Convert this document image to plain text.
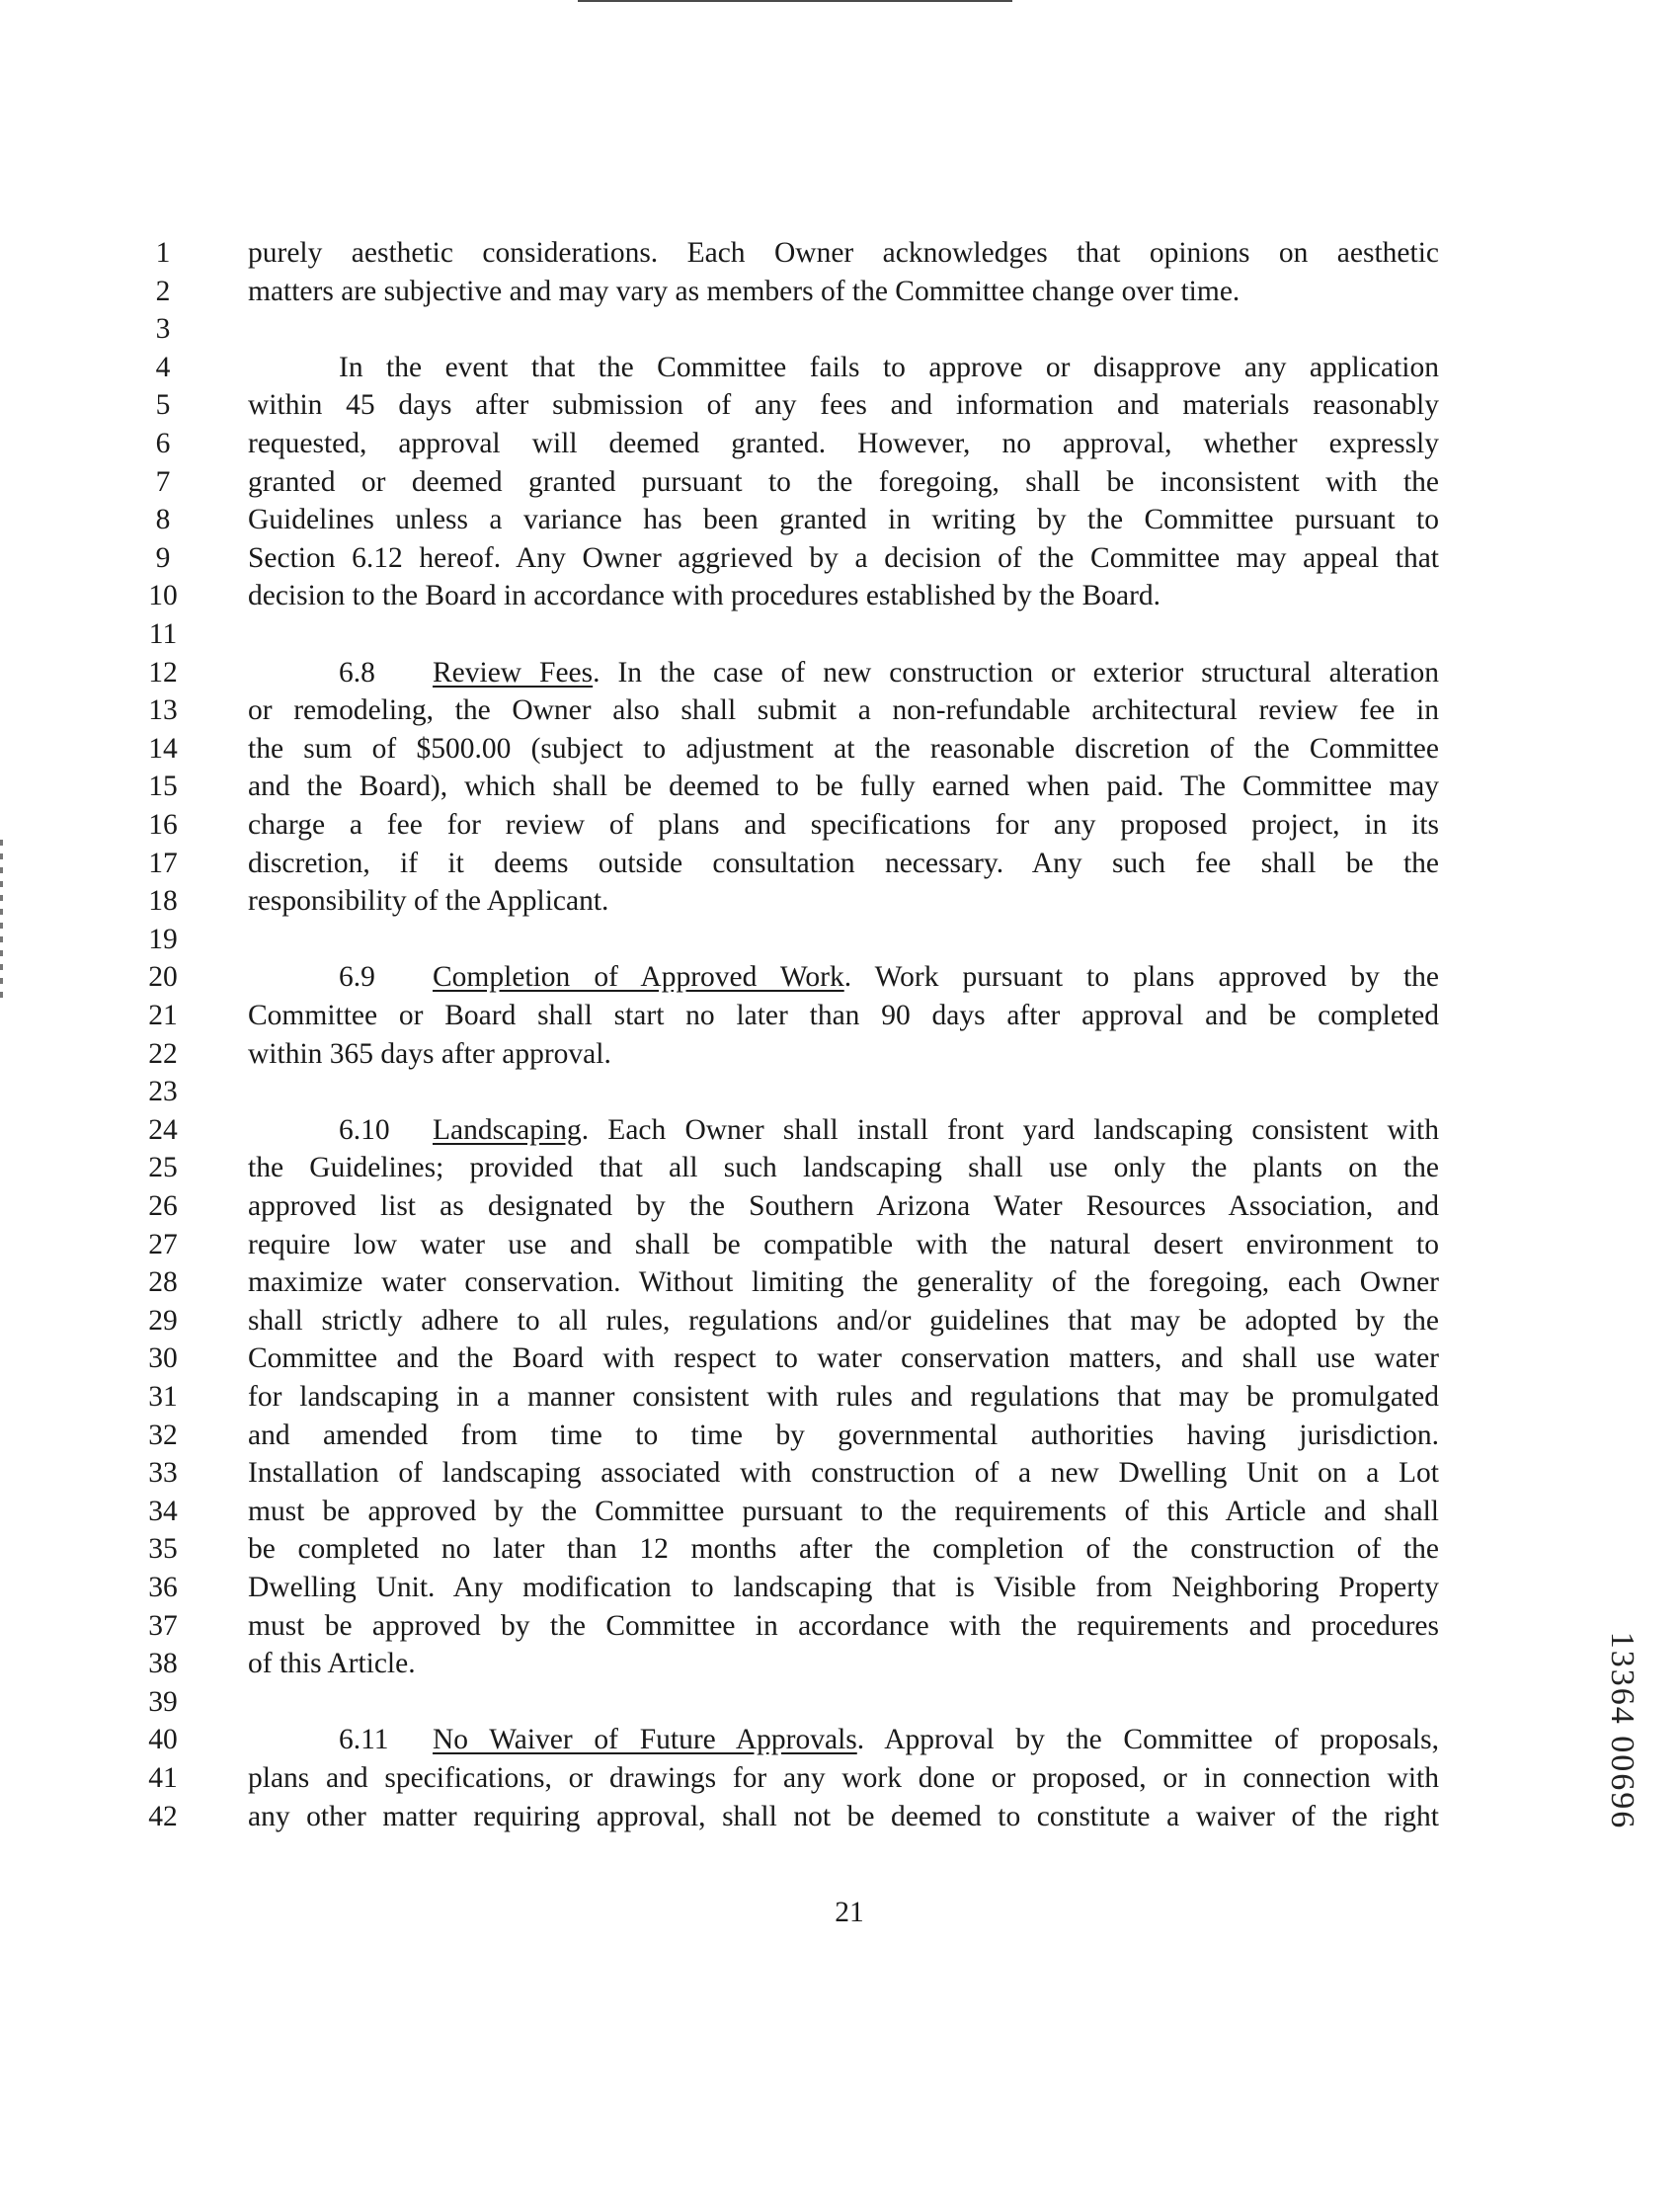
1	purely aesthetic considerations. Each Owner acknowledges that opinions on aesthetic
2	matters are subjective and may vary as members of the Committee change over time.
3
4	In the event that the Committee fails to approve or disapprove any application
5	within 45 days after submission of any fees and information and materials reasonably
6	requested, approval will deemed granted. However, no approval, whether expressly
7	granted or deemed granted pursuant to the foregoing, shall be inconsistent with the
8	Guidelines unless a variance has been granted in writing by the Committee pursuant to
9	Section 6.12 hereof. Any Owner aggrieved by a decision of the Committee may appeal that
10	decision to the Board in accordance with procedures established by the Board.
11
12	6.8 Review Fees. In the case of new construction or exterior structural alteration
13	or remodeling, the Owner also shall submit a non-refundable architectural review fee in
14	the sum of $500.00 (subject to adjustment at the reasonable discretion of the Committee
15	and the Board), which shall be deemed to be fully earned when paid. The Committee may
16	charge a fee for review of plans and specifications for any proposed project, in its
17	discretion, if it deems outside consultation necessary. Any such fee shall be the
18	responsibility of the Applicant.
19
20	6.9 Completion of Approved Work. Work pursuant to plans approved by the
21	Committee or Board shall start no later than 90 days after approval and be completed
22	within 365 days after approval.
23
24	6.10 Landscaping. Each Owner shall install front yard landscaping consistent with
25	the Guidelines; provided that all such landscaping shall use only the plants on the
26	approved list as designated by the Southern Arizona Water Resources Association, and
27	require low water use and shall be compatible with the natural desert environment to
28	maximize water conservation. Without limiting the generality of the foregoing, each Owner
29	shall strictly adhere to all rules, regulations and/or guidelines that may be adopted by the
30	Committee and the Board with respect to water conservation matters, and shall use water
31	for landscaping in a manner consistent with rules and regulations that may be promulgated
32	and amended from time to time by governmental authorities having jurisdiction.
33	Installation of landscaping associated with construction of a new Dwelling Unit on a Lot
34	must be approved by the Committee pursuant to the requirements of this Article and shall
35	be completed no later than 12 months after the completion of the construction of the
36	Dwelling Unit. Any modification to landscaping that is Visible from Neighboring Property
37	must be approved by the Committee in accordance with the requirements and procedures
38	of this Article.
39
40	6.11 No Waiver of Future Approvals. Approval by the Committee of proposals,
41	plans and specifications, or drawings for any work done or proposed, or in connection with
42	any other matter requiring approval, shall not be deemed to constitute a waiver of the right
21
13364 00696
